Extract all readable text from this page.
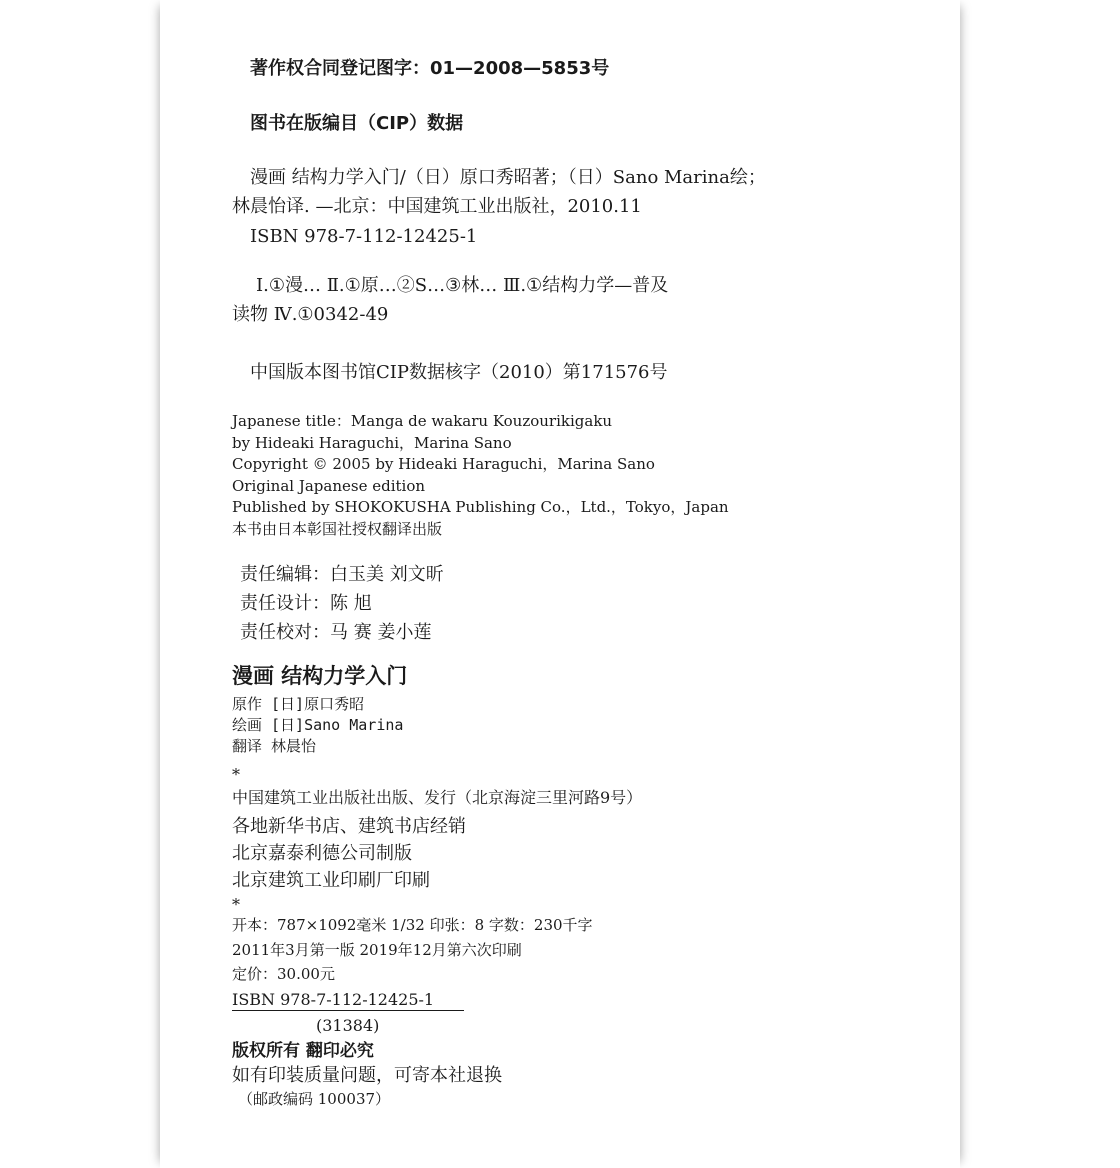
著作权合同登记图字：01—2008—5853号
图书在版编目（CIP）数据
漫画 结构力学入门/（日）原口秀昭著；（日）Sano Marina绘；
林晨怡译. —北京：中国建筑工业出版社，2010.11
ISBN 978-7-112-12425-1
Ⅰ.①漫… Ⅱ.①原…②S…③林… Ⅲ.①结构力学—普及
读物 Ⅳ.①0342-49
中国版本图书馆CIP数据核字（2010）第171576号
Japanese title：Manga de wakaru Kouzourikigaku
by Hideaki Haraguchi，Marina Sano
Copyright © 2005 by Hideaki Haraguchi，Marina Sano
Original Japanese edition
Published by SHOKOKUSHA Publishing Co.，Ltd.，Tokyo，Japan
本书由日本彰国社授权翻译出版
责任编辑：白玉美 刘文昕
责任设计：陈 旭
责任校对：马 赛 姜小莲
漫画 结构力学入门
原作 [日]原口秀昭
绘画 [日]Sano Marina
翻译 林晨怡
*
中国建筑工业出版社出版、发行（北京海淀三里河路9号）
各地新华书店、建筑书店经销
北京嘉泰利德公司制版
北京建筑工业印刷厂印刷
*
开本：787×1092毫米 1/32 印张：8 字数：230千字
2011年3月第一版 2019年12月第六次印刷
定价：30.00元
ISBN 978-7-112-12425-1
(31384)
版权所有 翻印必究
如有印装质量问题，可寄本社退换
（邮政编码 100037）
